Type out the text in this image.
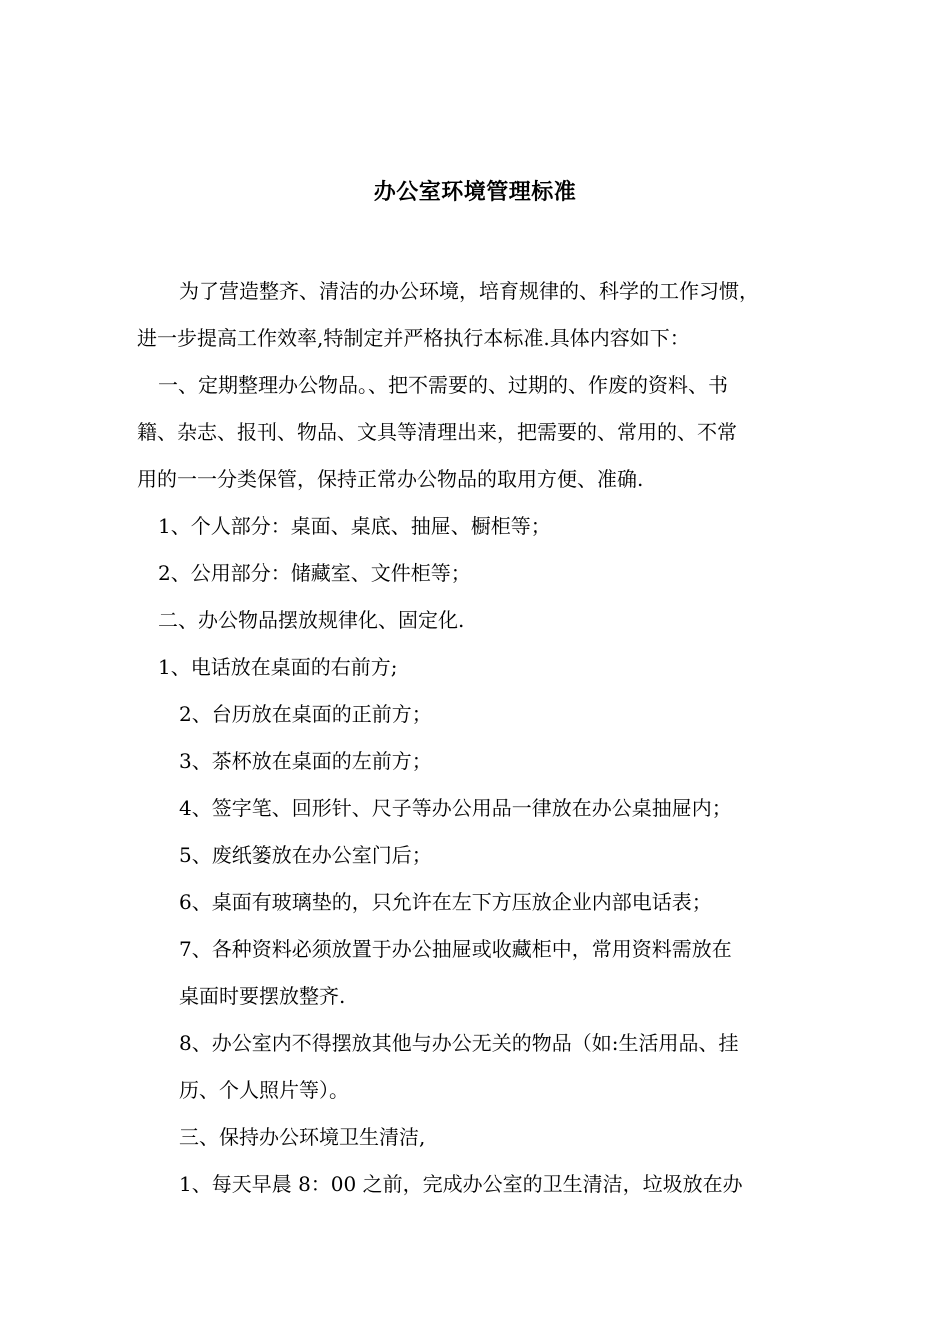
办公室环境管理标准
为了营造整齐、清洁的办公环境，培育规律的、科学的工作习惯，
进一步提高工作效率,特制定并严格执行本标准.具体内容如下：
一、定期整理办公物品。、把不需要的、过期的、作废的资料、书
籍、杂志、报刊、物品、文具等清理出来，把需要的、常用的、不常
用的一一分类保管，保持正常办公物品的取用方便、准确.
1、个人部分：桌面、桌底、抽屉、橱柜等；
2、公用部分：储藏室、文件柜等；
二、办公物品摆放规律化、固定化.
1、电话放在桌面的右前方;
2、台历放在桌面的正前方；
3、茶杯放在桌面的左前方；
4、签字笔、回形针、尺子等办公用品一律放在办公桌抽屉内；
5、废纸篓放在办公室门后；
6、桌面有玻璃垫的，只允许在左下方压放企业内部电话表；
7、各种资料必须放置于办公抽屉或收藏柜中，常用资料需放在
桌面时要摆放整齐.
8、办公室内不得摆放其他与办公无关的物品（如:生活用品、挂
历、个人照片等）。
三、保持办公环境卫生清洁,
1、每天早晨 8：00 之前，完成办公室的卫生清洁，垃圾放在办
